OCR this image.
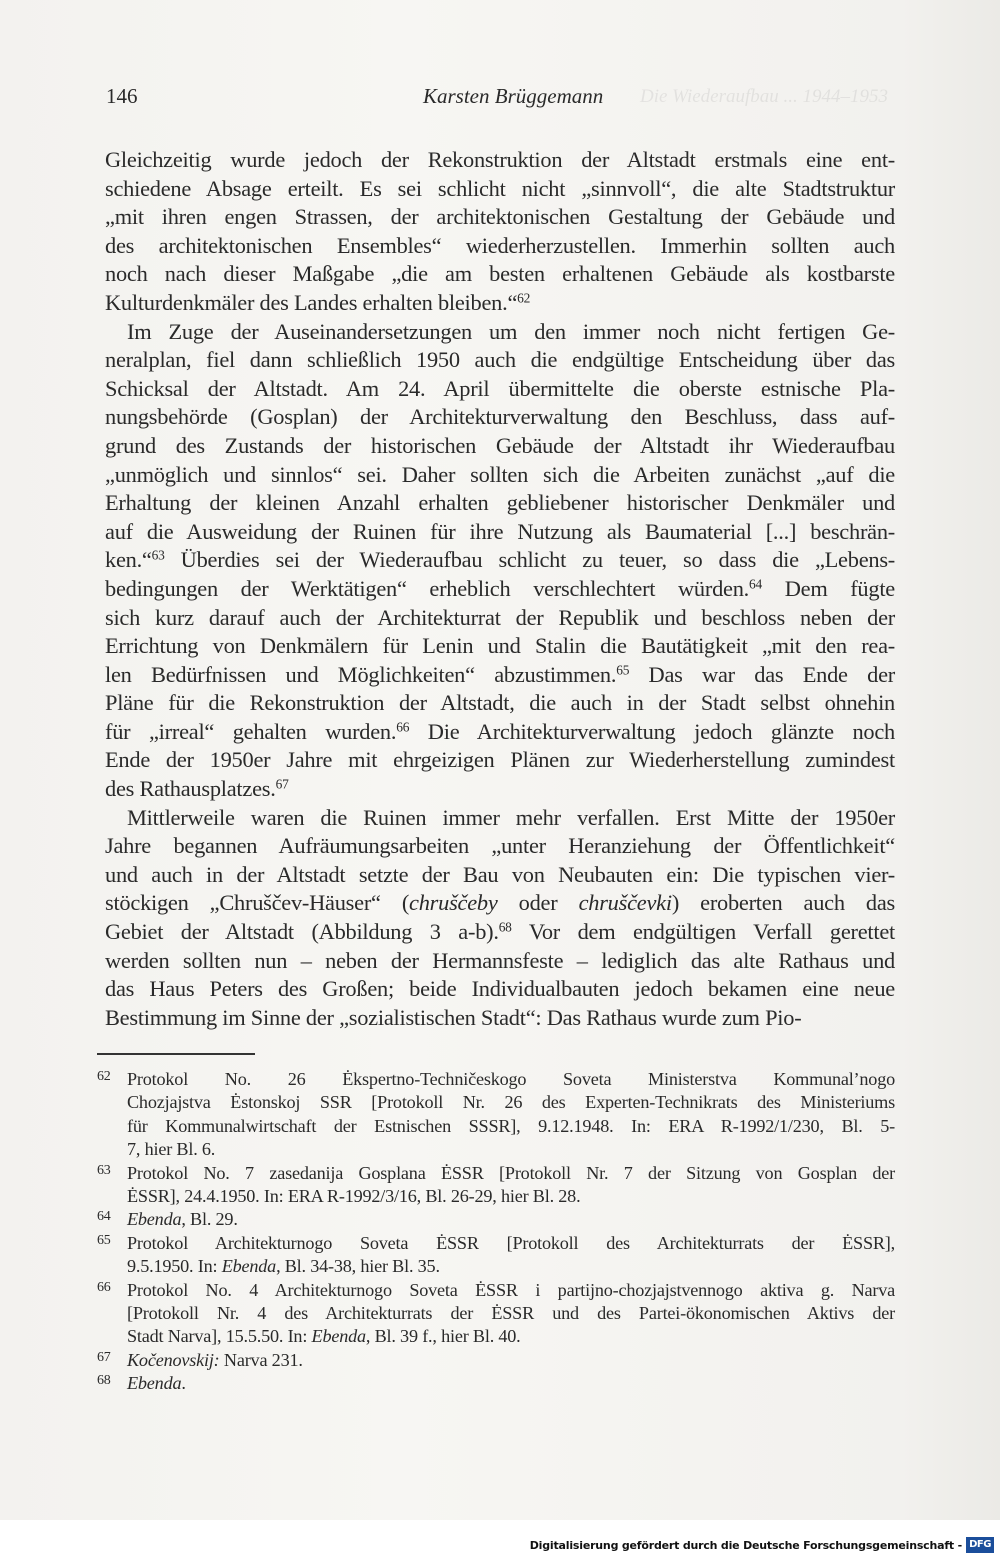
Die Wiederaufbau ... 1944–1953
146	Karsten Brüggemann
Gleichzeitig wurde jedoch der Rekonstruktion der Altstadt erstmals eine ent-
schiedene Absage erteilt. Es sei schlicht nicht „sinnvoll“, die alte Stadtstruktur
„mit ihren engen Strassen, der architektonischen Gestaltung der Gebäude und
des architektonischen Ensembles“ wiederherzustellen. Immerhin sollten auch
noch nach dieser Maßgabe „die am besten erhaltenen Gebäude als kostbarste
Kulturdenkmäler des Landes erhalten bleiben.“$^{62}$
Im Zuge der Auseinandersetzungen um den immer noch nicht fertigen Ge-
neralplan, fiel dann schließlich 1950 auch die endgültige Entscheidung über das
Schicksal der Altstadt. Am 24. April übermittelte die oberste estnische Pla-
nungsbehörde (Gosplan) der Architekturverwaltung den Beschluss, dass auf-
grund des Zustands der historischen Gebäude der Altstadt ihr Wiederaufbau
„unmöglich und sinnlos“ sei. Daher sollten sich die Arbeiten zunächst „auf die
Erhaltung der kleinen Anzahl erhalten gebliebener historischer Denkmäler und
auf die Ausweidung der Ruinen für ihre Nutzung als Baumaterial [...] beschrän-
ken.“$^{63}$ Überdies sei der Wiederaufbau schlicht zu teuer, so dass die „Lebens-
bedingungen der Werktätigen“ erheblich verschlechtert würden.$^{64}$ Dem fügte
sich kurz darauf auch der Architekturrat der Republik und beschloss neben der
Errichtung von Denkmälern für Lenin und Stalin die Bautätigkeit „mit den rea-
len Bedürfnissen und Möglichkeiten“ abzustimmen.$^{65}$ Das war das Ende der
Pläne für die Rekonstruktion der Altstadt, die auch in der Stadt selbst ohnehin
für „irreal“ gehalten wurden.$^{66}$ Die Architekturverwaltung jedoch glänzte noch
Ende der 1950er Jahre mit ehrgeizigen Plänen zur Wiederherstellung zumindest
des Rathausplatzes.$^{67}$
Mittlerweile waren die Ruinen immer mehr verfallen. Erst Mitte der 1950er
Jahre begannen Aufräumungsarbeiten „unter Heranziehung der Öffentlichkeit“
und auch in der Altstadt setzte der Bau von Neubauten ein: Die typischen vier-
stöckigen „Chruščev-Häuser“ (chruščeby oder chruščevki) eroberten auch das
Gebiet der Altstadt (Abbildung 3 a-b).$^{68}$ Vor dem endgültigen Verfall gerettet
werden sollten nun – neben der Hermannsfeste – lediglich das alte Rathaus und
das Haus Peters des Großen; beide Individualbauten jedoch bekamen eine neue
Bestimmung im Sinne der „sozialistischen Stadt“: Das Rathaus wurde zum Pio-
62 Protokol No. 26 Ėkspertno-Techničeskogo Soveta Ministerstva Kommunal’nogo
Chozjajstva Ėstonskoj SSR [Protokoll Nr. 26 des Experten-Technikrats des Ministeriums
für Kommunalwirtschaft der Estnischen SSSR], 9.12.1948. In: ERA R-1992/1/230, Bl. 5-
7, hier Bl. 6.
63 Protokol No. 7 zasedanija Gosplana ĖSSR [Protokoll Nr. 7 der Sitzung von Gosplan der
ĖSSR], 24.4.1950. In: ERA R-1992/3/16, Bl. 26-29, hier Bl. 28.
64 Ebenda, Bl. 29.
65 Protokol Architekturnogo Soveta ĖSSR [Protokoll des Architekturrats der ĖSSR],
9.5.1950. In: Ebenda, Bl. 34-38, hier Bl. 35.
66 Protokol No. 4 Architekturnogo Soveta ĖSSR i partijno-chozjajstvennogo aktiva g. Narva
[Protokoll Nr. 4 des Architekturrats der ĖSSR und des Partei-ökonomischen Aktivs der
Stadt Narva], 15.5.50. In: Ebenda, Bl. 39 f., hier Bl. 40.
67 Kočenovskij: Narva 231.
68 Ebenda.
Digitalisierung gefördert durch die Deutsche Forschungsgemeinschaft - DFG
